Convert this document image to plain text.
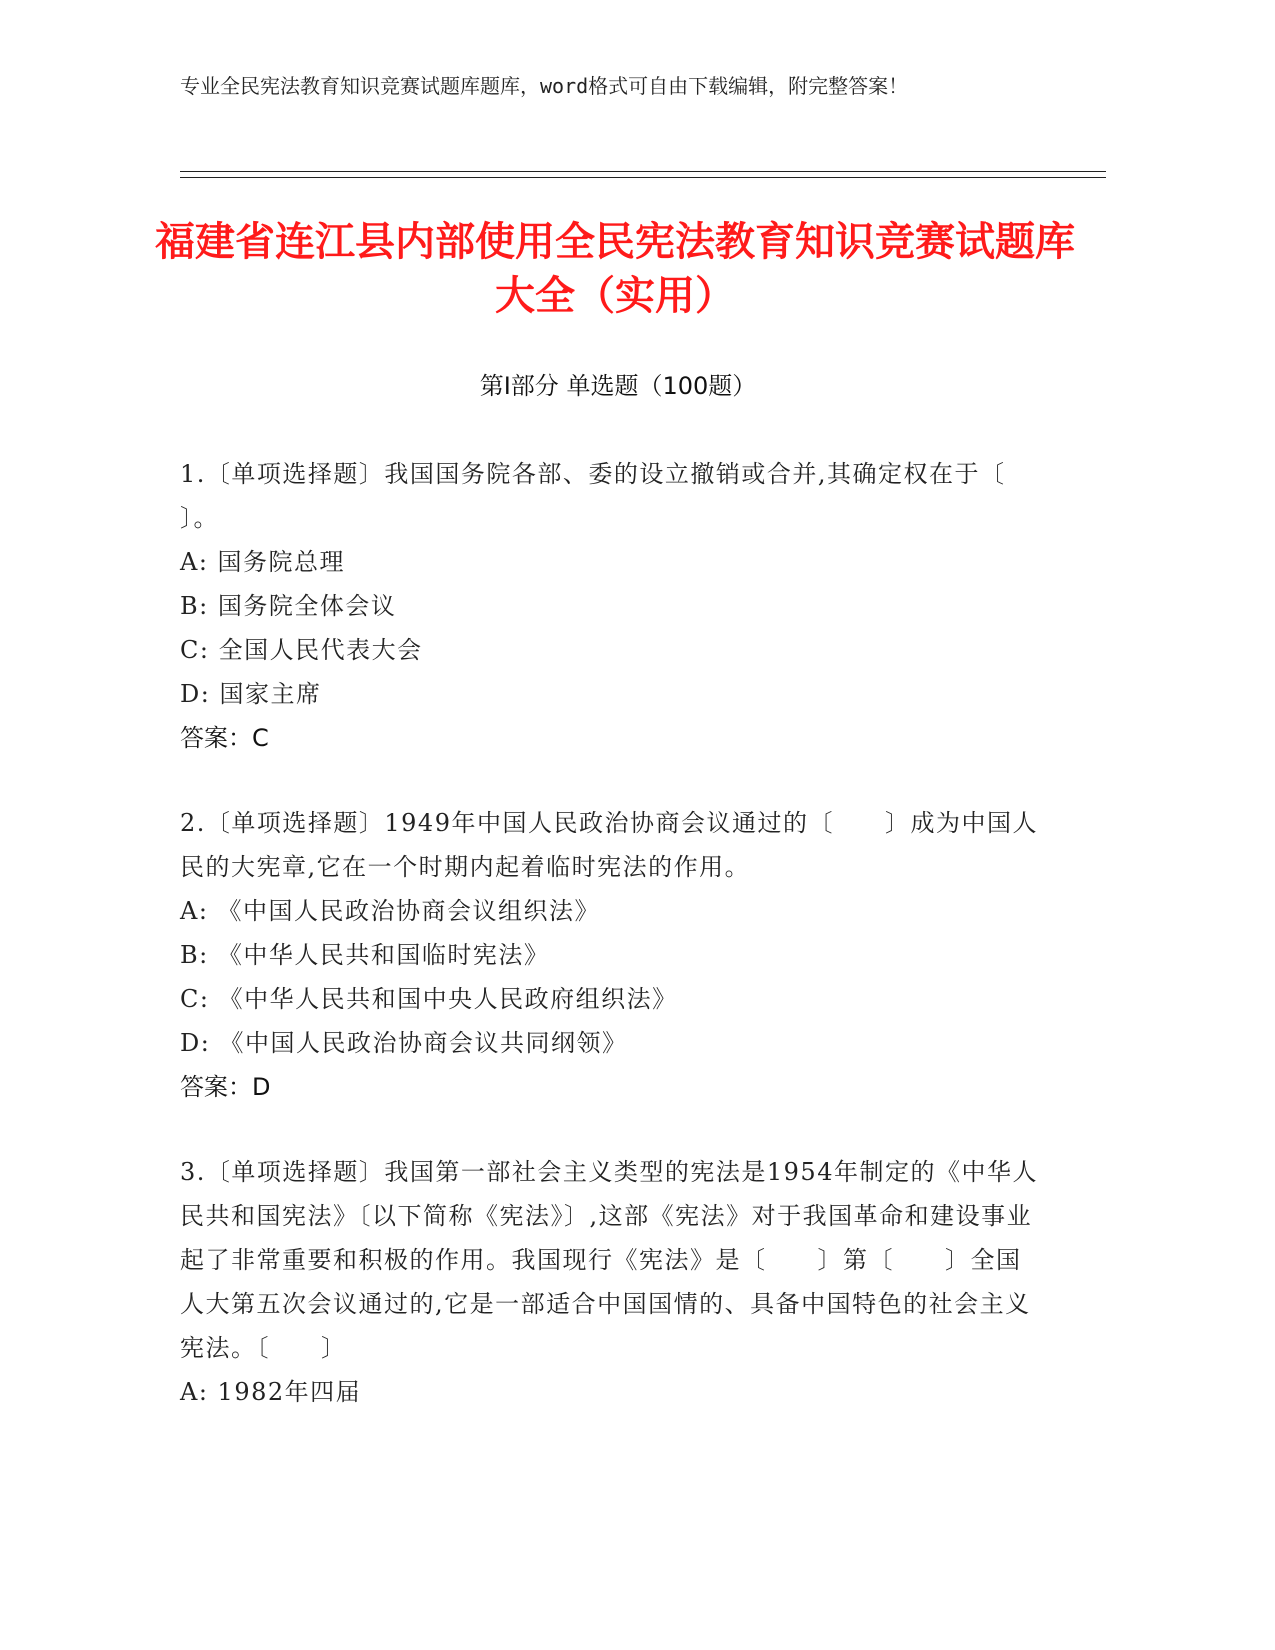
专业全民宪法教育知识竞赛试题库题库，word格式可自由下载编辑，附完整答案！
福建省连江县内部使用全民宪法教育知识竞赛试题库大全（实用）
第I部分 单选题（100题）
1.〔单项选择题〕我国国务院各部、委的设立撤销或合并,其确定权在于〔　　〕。
A: 国务院总理
B: 国务院全体会议
C: 全国人民代表大会
D: 国家主席
答案：C
2.〔单项选择题〕1949年中国人民政治协商会议通过的〔　　〕成为中国人民的大宪章,它在一个时期内起着临时宪法的作用。
A: 《中国人民政治协商会议组织法》
B: 《中华人民共和国临时宪法》
C: 《中华人民共和国中央人民政府组织法》
D: 《中国人民政治协商会议共同纲领》
答案：D
3.〔单项选择题〕我国第一部社会主义类型的宪法是1954年制定的《中华人民共和国宪法》〔以下简称《宪法》〕,这部《宪法》对于我国革命和建设事业起了非常重要和积极的作用。我国现行《宪法》是〔　　〕第〔　　〕全国人大第五次会议通过的,它是一部适合中国国情的、具备中国特色的社会主义宪法。〔　　〕
A: 1982年四届
